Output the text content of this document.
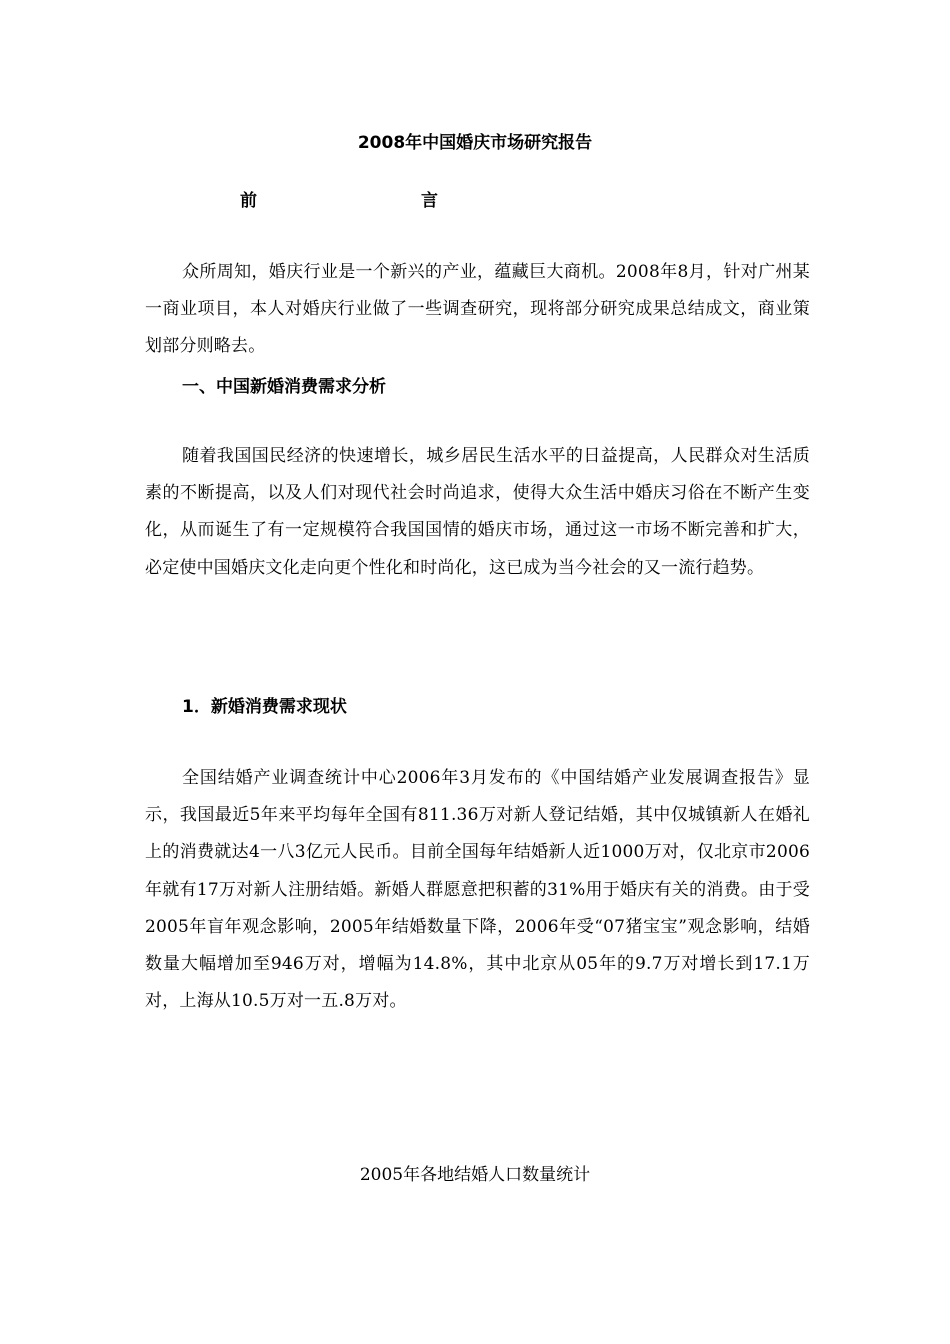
2008年中国婚庆市场研究报告
前	言

众所周知，婚庆行业是一个新兴的产业，蕴藏巨大商机。2008年8月，针对广州某一商业项目，本人对婚庆行业做了一些调查研究，现将部分研究成果总结成文，商业策划部分则略去。

一、中国新婚消费需求分析

随着我国国民经济的快速增长，城乡居民生活水平的日益提高，人民群众对生活质素的不断提高，以及人们对现代社会时尚追求，使得大众生活中婚庆习俗在不断产生变化，从而诞生了有一定规模符合我国国情的婚庆市场，通过这一市场不断完善和扩大，必定使中国婚庆文化走向更个性化和时尚化，这已成为当今社会的又一流行趋势。

1．新婚消费需求现状

全国结婚产业调查统计中心2006年3月发布的《中国结婚产业发展调查报告》显示，我国最近5年来平均每年全国有811.36万对新人登记结婚，其中仅城镇新人在婚礼上的消费就达4一八3亿元人民币。目前全国每年结婚新人近1000万对，仅北京市2006年就有17万对新人注册结婚。新婚人群愿意把积蓄的31%用于婚庆有关的消费。由于受2005年盲年观念影响，2005年结婚数量下降，2006年受“07猪宝宝”观念影响，结婚数量大幅增加至946万对，增幅为14.8%，其中北京从05年的9.7万对增长到17.1万对，上海从10.5万对一五.8万对。

2005年各地结婚人口数量统计
